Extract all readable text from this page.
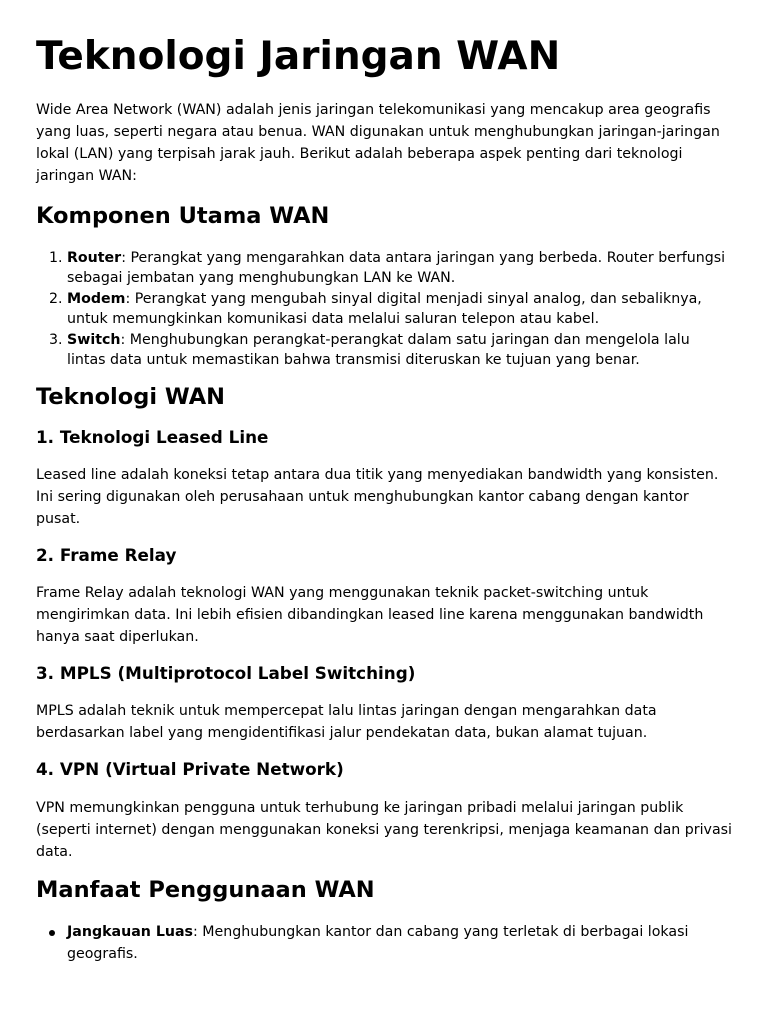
Teknologi Jaringan WAN

Wide Area Network (WAN) adalah jenis jaringan telekomunikasi yang mencakup area geografis yang luas, seperti negara atau benua. WAN digunakan untuk menghubungkan jaringan-jaringan lokal (LAN) yang terpisah jarak jauh. Berikut adalah beberapa aspek penting dari teknologi jaringan WAN:

Komponen Utama WAN
1. Router: Perangkat yang mengarahkan data antara jaringan yang berbeda. Router berfungsi sebagai jembatan yang menghubungkan LAN ke WAN.
2. Modem: Perangkat yang mengubah sinyal digital menjadi sinyal analog, dan sebaliknya, untuk memungkinkan komunikasi data melalui saluran telepon atau kabel.
3. Switch: Menghubungkan perangkat-perangkat dalam satu jaringan dan mengelola lalu lintas data untuk memastikan bahwa transmisi diteruskan ke tujuan yang benar.
Teknologi WAN
1. Teknologi Leased Line

Leased line adalah koneksi tetap antara dua titik yang menyediakan bandwidth yang konsisten. Ini sering digunakan oleh perusahaan untuk menghubungkan kantor cabang dengan kantor pusat.

2. Frame Relay

Frame Relay adalah teknologi WAN yang menggunakan teknik packet-switching untuk mengirimkan data. Ini lebih efisien dibandingkan leased line karena menggunakan bandwidth hanya saat diperlukan.

3. MPLS (Multiprotocol Label Switching)

MPLS adalah teknik untuk mempercepat lalu lintas jaringan dengan mengarahkan data berdasarkan label yang mengidentifikasi jalur pendekatan data, bukan alamat tujuan.

4. VPN (Virtual Private Network)

VPN memungkinkan pengguna untuk terhubung ke jaringan pribadi melalui jaringan publik (seperti internet) dengan menggunakan koneksi yang terenkripsi, menjaga keamanan dan privasi data.

Manfaat Penggunaan WAN
Jangkauan Luas: Menghubungkan kantor dan cabang yang terletak di berbagai lokasi geografis.
